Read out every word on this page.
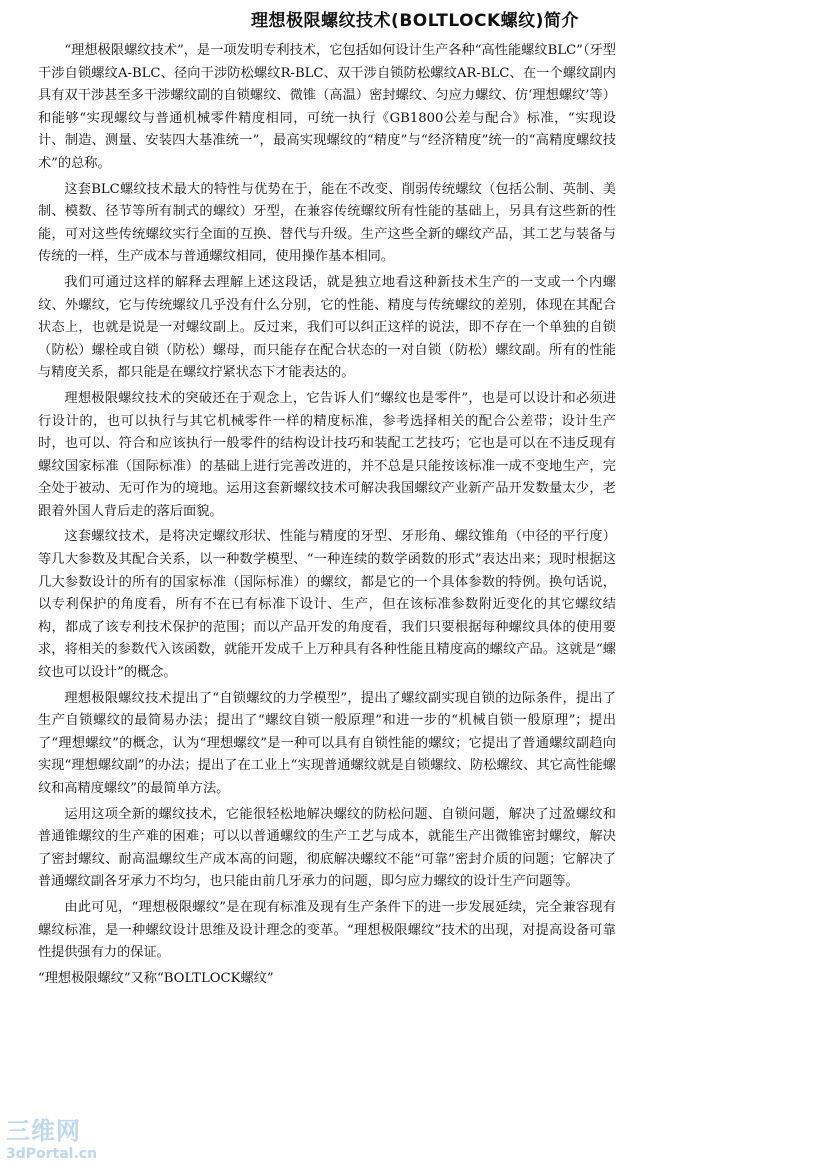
理想极限螺纹技术(BOLTLOCK螺纹)简介

“理想极限螺纹技术”，是一项发明专利技术，它包括如何设计生产各种“高性能螺纹BLC”（牙型干涉自锁螺纹A-BLC、径向干涉防松螺纹R-BLC、双干涉自锁防松螺纹AR-BLC、在一个螺纹副内具有双干涉甚至多干涉螺纹副的自锁螺纹、微锥（高温）密封螺纹、匀应力螺纹、仿‘理想螺纹’等）和能够“实现螺纹与普通机械零件精度相同，可统一执行《GB1800公差与配合》标准，“实现设计、制造、测量、安装四大基准统一”，最高实现螺纹的“精度”与“经济精度”统一的“高精度螺纹技术”的总称。

这套BLC螺纹技术最大的特性与优势在于，能在不改变、削弱传统螺纹（包括公制、英制、美制、模数、径节等所有制式的螺纹）牙型，在兼容传统螺纹所有性能的基础上，另具有这些新的性能，可对这些传统螺纹实行全面的互换、替代与升级。生产这些全新的螺纹产品，其工艺与装备与传统的一样，生产成本与普通螺纹相同，使用操作基本相同。

我们可通过这样的解释去理解上述这段话，就是独立地看这种新技术生产的一支或一个内螺纹、外螺纹，它与传统螺纹几乎没有什么分别，它的性能、精度与传统螺纹的差别，体现在其配合状态上，也就是说是一对螺纹副上。反过来，我们可以纠正这样的说法，即不存在一个单独的自锁（防松）螺栓或自锁（防松）螺母，而只能存在配合状态的一对自锁（防松）螺纹副。所有的性能与精度关系，都只能是在螺纹拧紧状态下才能表达的。

理想极限螺纹技术的突破还在于观念上，它告诉人们“螺纹也是零件”，也是可以设计和必须进行设计的，也可以执行与其它机械零件一样的精度标准，参考选择相关的配合公差带；设计生产时，也可以、符合和应该执行一般零件的结构设计技巧和装配工艺技巧；它也是可以在不违反现有螺纹国家标准（国际标准）的基础上进行完善改进的，并不总是只能按该标准一成不变地生产，完全处于被动、无可作为的境地。运用这套新螺纹技术可解决我国螺纹产业新产品开发数量太少，老跟着外国人背后走的落后面貌。

这套螺纹技术，是将决定螺纹形状、性能与精度的牙型、牙形角、螺纹锥角（中径的平行度）等几大参数及其配合关系，以一种数学模型、“一种连续的数学函数的形式”表达出来；现时根据这几大参数设计的所有的国家标准（国际标准）的螺纹，都是它的一个具体参数的特例。换句话说，以专利保护的角度看，所有不在已有标准下设计、生产，但在该标准参数附近变化的其它螺纹结构，都成了该专利技术保护的范围；而以产品开发的角度看，我们只要根据每种螺纹具体的使用要求，将相关的参数代入该函数，就能开发成千上万种具有各种性能且精度高的螺纹产品。这就是“螺纹也可以设计”的概念。

理想极限螺纹技术提出了“自锁螺纹的力学模型”，提出了螺纹副实现自锁的边际条件，提出了生产自锁螺纹的最简易办法；提出了“螺纹自锁一般原理”和进一步的“机械自锁一般原理”；提出了“理想螺纹”的概念，认为“理想螺纹”是一种可以具有自锁性能的螺纹；它提出了普通螺纹副趋向实现“理想螺纹副”的办法；提出了在工业上“实现普通螺纹就是自锁螺纹、防松螺纹、其它高性能螺纹和高精度螺纹”的最简单方法。

运用这项全新的螺纹技术，它能很轻松地解决螺纹的防松问题、自锁问题，解决了过盈螺纹和普通锥螺纹的生产难的困难；可以以普通螺纹的生产工艺与成本，就能生产出微锥密封螺纹，解决了密封螺纹、耐高温螺纹生产成本高的问题，彻底解决螺纹不能“可靠”密封介质的问题；它解决了普通螺纹副各牙承力不均匀，也只能由前几牙承力的问题，即匀应力螺纹的设计生产问题等。

由此可见，“理想极限螺纹”是在现有标准及现有生产条件下的进一步发展延续，完全兼容现有螺纹标准，是一种螺纹设计思维及设计理念的变革。“理想极限螺纹”技术的出现，对提高设备可靠性提供强有力的保证。

“理想极限螺纹”又称“BOLTLOCK螺纹”

三维网
3dPortal.cn
